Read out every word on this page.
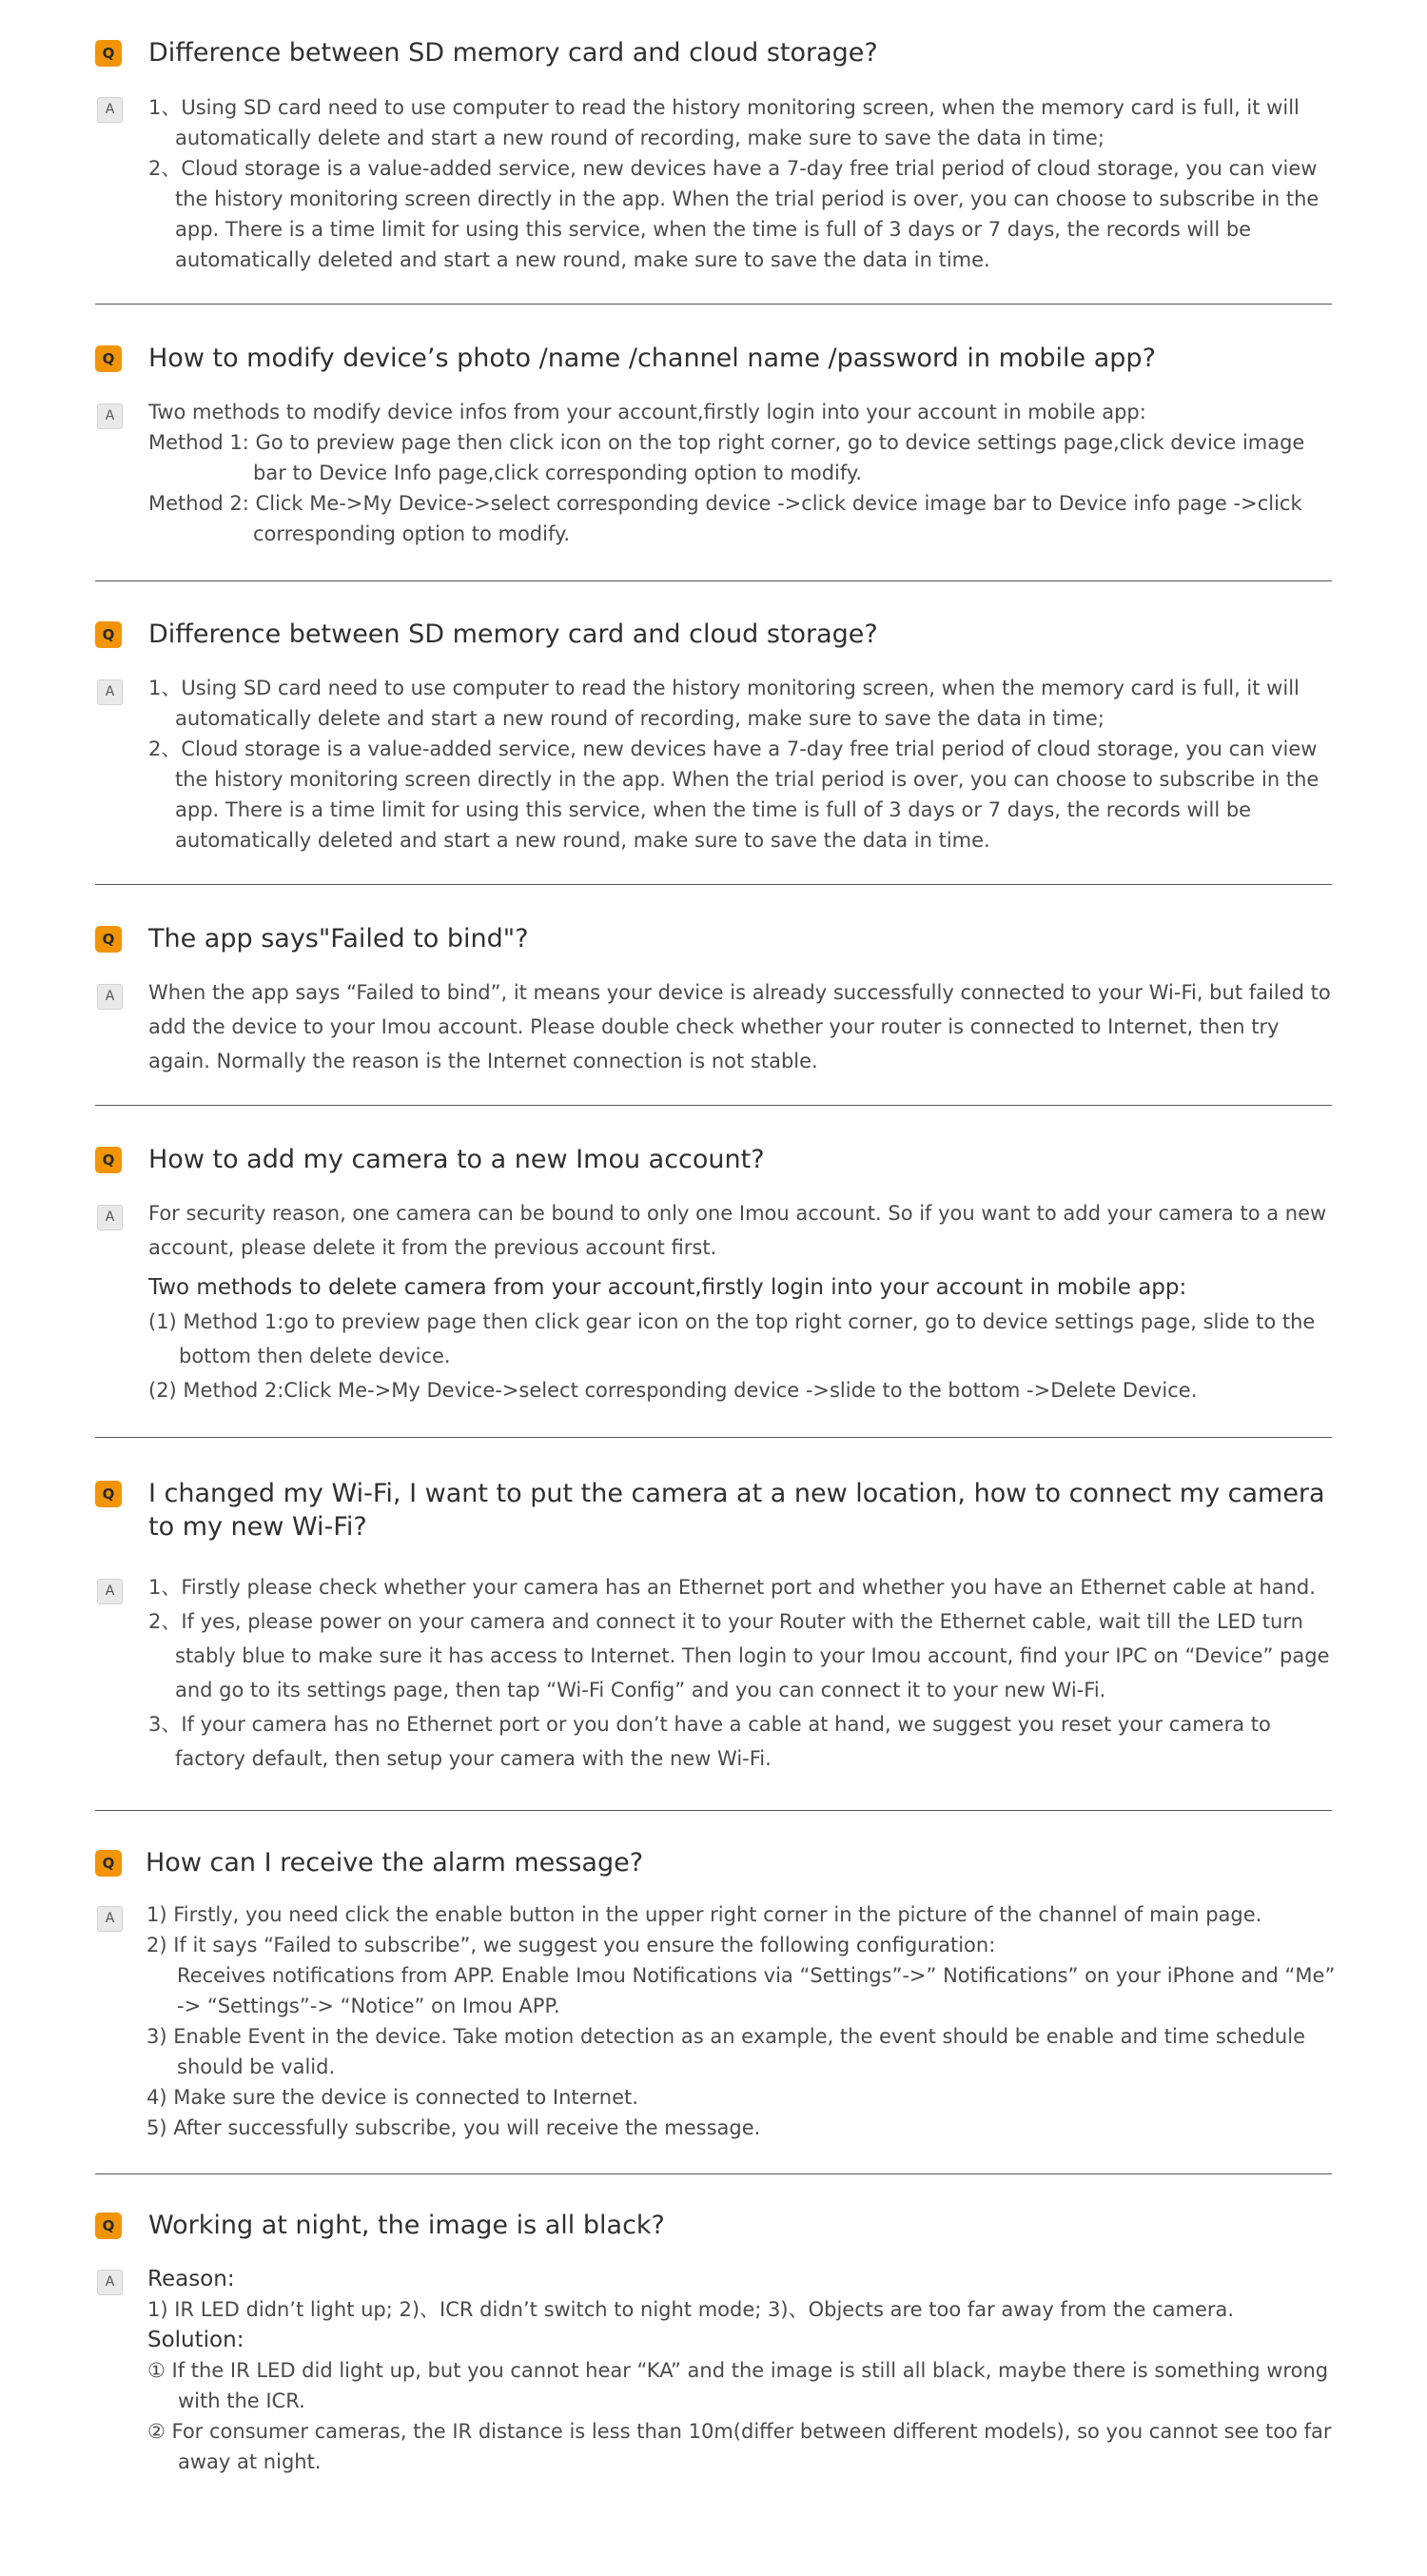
Q Difference between SD memory card and cloud storage?
A	1、Using SD card need to use computer to read the history monitoring screen, when the memory card is full, it will automatically delete and start a new round of recording, make sure to save the data in time;

2、Cloud storage is a value-added service, new devices have a 7-day free trial period of cloud storage, you can view the history monitoring screen directly in the app. When the trial period is over, you can choose to subscribe in the app. There is a time limit for using this service, when the time is full of 3 days or 7 days, the records will be automatically deleted and start a new round, make sure to save the data in time.

Q How to modify device’s photo /name /channel name /password in mobile app?
A	Two methods to modify device infos from your account,firstly login into your account in mobile app:

Method 1: Go to preview page then click icon on the top right corner, go to device settings page,click device image bar to Device Info page,click corresponding option to modify.

Method 2: Click Me->My Device->select corresponding device ->click device image bar to Device info page ->click corresponding option to modify.

Q Difference between SD memory card and cloud storage?
A	1、Using SD card need to use computer to read the history monitoring screen, when the memory card is full, it will automatically delete and start a new round of recording, make sure to save the data in time;

2、Cloud storage is a value-added service, new devices have a 7-day free trial period of cloud storage, you can view the history monitoring screen directly in the app. When the trial period is over, you can choose to subscribe in the app. There is a time limit for using this service, when the time is full of 3 days or 7 days, the records will be automatically deleted and start a new round, make sure to save the data in time.

Q The app says"Failed to bind"?
A	When the app says “Failed to bind”, it means your device is already successfully connected to your Wi-Fi, but failed to add the device to your Imou account. Please double check whether your router is connected to Internet, then try again. Normally the reason is the Internet connection is not stable.

Q How to add my camera to a new Imou account?
A	For security reason, one camera can be bound to only one Imou account. So if you want to add your camera to a new account, please delete it from the previous account first.

Two methods to delete camera from your account,firstly login into your account in mobile app:

(1) Method 1:go to preview page then click gear icon on the top right corner, go to device settings page, slide to the bottom then delete device.

(2) Method 2:Click Me->My Device->select corresponding device ->slide to the bottom ->Delete Device.

Q I changed my Wi-Fi, I want to put the camera at a new location, how to connect my camera to my new Wi-Fi?
A	1、Firstly please check whether your camera has an Ethernet port and whether you have an Ethernet cable at hand.

2、If yes, please power on your camera and connect it to your Router with the Ethernet cable, wait till the LED turn stably blue to make sure it has access to Internet. Then login to your Imou account, find your IPC on “Device” page and go to its settings page, then tap “Wi-Fi Config” and you can connect it to your new Wi-Fi.

3、If your camera has no Ethernet port or you don’t have a cable at hand, we suggest you reset your camera to factory default, then setup your camera with the new Wi-Fi.

Q How can I receive the alarm message?
A	1) Firstly, you need click the enable button in the upper right corner in the picture of the channel of main page.

2) If it says “Failed to subscribe”, we suggest you ensure the following configuration:

Receives notifications from APP. Enable Imou Notifications via “Settings”->” Notifications” on your iPhone and “Me” -> “Settings”-> “Notice” on Imou APP.

3) Enable Event in the device. Take motion detection as an example, the event should be enable and time schedule should be valid.

4) Make sure the device is connected to Internet.

5) After successfully subscribe, you will receive the message.

Q Working at night, the image is all black?
A	Reason:

1) IR LED didn’t light up; 2)、ICR didn’t switch to night mode; 3)、Objects are too far away from the camera.

Solution:

① If the IR LED did light up, but you cannot hear “KA” and the image is still all black, maybe there is something wrong with the ICR.

② For consumer cameras, the IR distance is less than 10m(differ between different models), so you cannot see too far away at night.
